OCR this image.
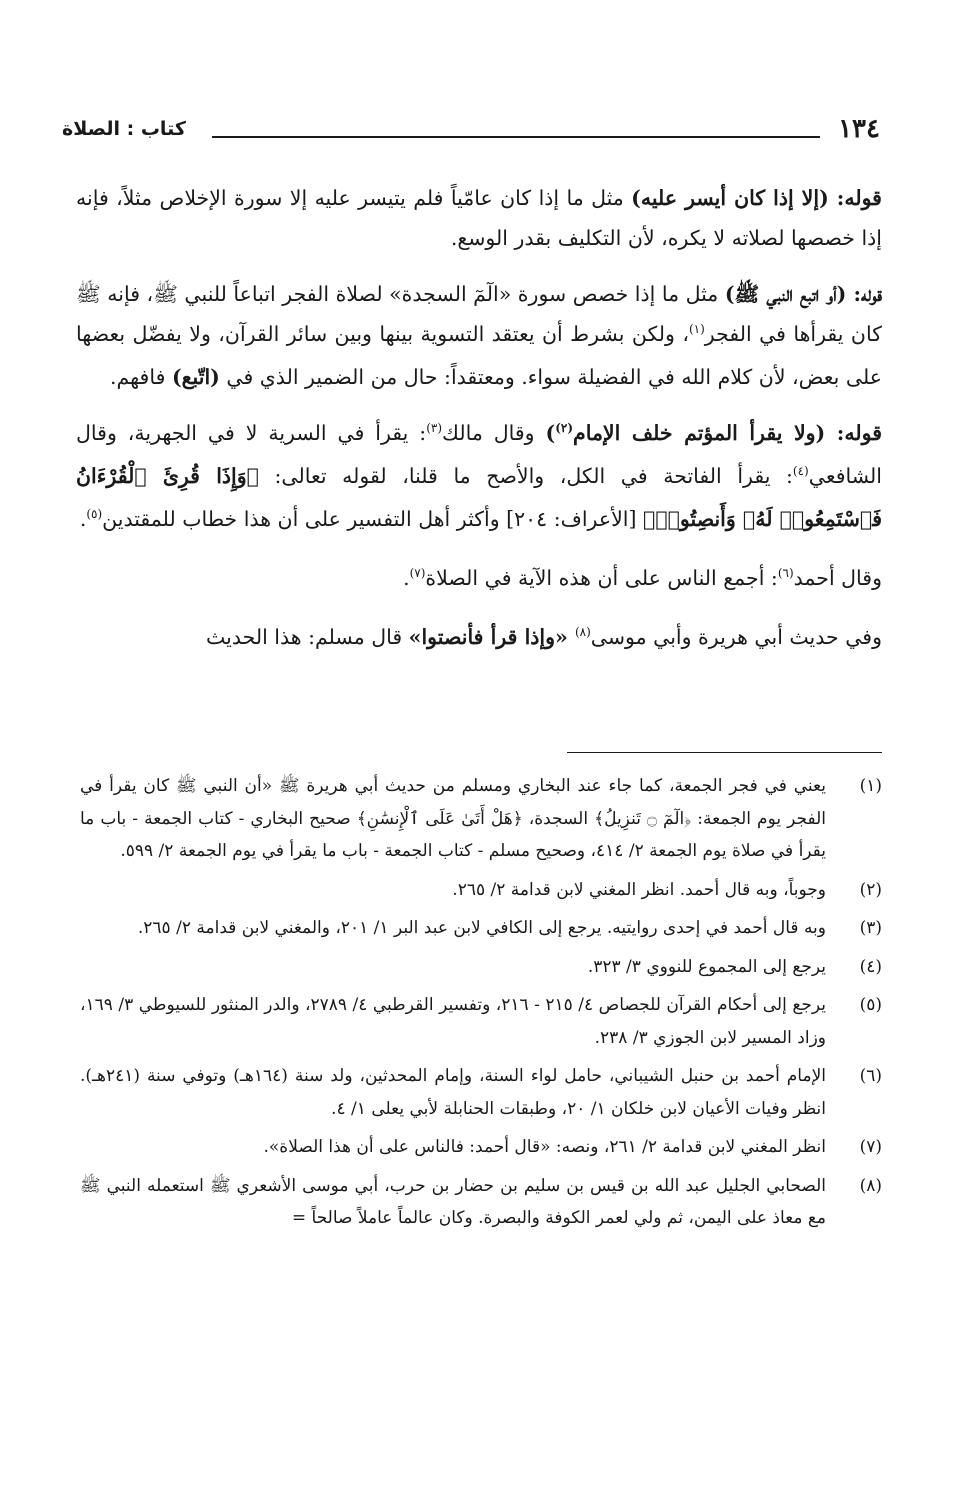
١٣٤
كتاب : الصلاة

قوله: (إلا إذا كان أيسر عليه) مثل ما إذا كان عامّياً فلم يتيسر عليه إلا سورة الإخلاص مثلاً، فإنه إذا خصصها لصلاته لا يكره، لأن التكليف بقدر الوسع.

قوله: (أو اتبع النبي ﷺ) مثل ما إذا خصص سورة «الٓمٓ السجدة» لصلاة الفجر اتباعاً للنبي ﷺ، فإنه ﷺ كان يقرأها في الفجر$^{(١)}$، ولكن بشرط أن يعتقد التسوية بينها وبين سائر القرآن، ولا يفضّل بعضها على بعض، لأن كلام الله في الفضيلة سواء. ومعتقداً: حال من الضمير الذي في (اتّبع) فافهم.

قوله: (ولا يقرأ المؤتم خلف الإمام$^{(٢)}$) وقال مالك$^{(٣)}$: يقرأ في السرية لا في الجهرية، وقال الشافعي$^{(٤)}$: يقرأ الفاتحة في الكل، والأصح ما قلنا، لقوله تعالى: ﴿وَإِذَا قُرِئَ ٱلْقُرْءَانُ فَٱسْتَمِعُوا۟ لَهُۥ وَأَنصِتُوا۟﴾ [الأعراف: ٢٠٤] وأكثر أهل التفسير على أن هذا خطاب للمقتدين$^{(٥)}$.

وقال أحمد$^{(٦)}$: أجمع الناس على أن هذه الآية في الصلاة$^{(٧)}$.

وفي حديث أبي هريرة وأبي موسى$^{(٨)}$ «وإذا قرأ فأنصتوا» قال مسلم: هذا الحديث

(١)
يعني في فجر الجمعة، كما جاء عند البخاري ومسلم من حديث أبي هريرة ﷺ «أن النبي ﷺ كان يقرأ في الفجر يوم الجمعة: ﴿الٓمٓ ۝ تَنزِيلُ﴾ السجدة، ﴿هَلْ أَتَىٰ عَلَى ٱلْإِنسَٰنِ﴾ صحيح البخاري - كتاب الجمعة - باب ما يقرأ في صلاة يوم الجمعة ٢/ ٤١٤، وصحيح مسلم - كتاب الجمعة - باب ما يقرأ في يوم الجمعة ٢/ ٥٩٩.
(٢)
وجوباً، وبه قال أحمد. انظر المغني لابن قدامة ٢/ ٢٦٥.
(٣)
وبه قال أحمد في إحدى روايتيه. يرجع إلى الكافي لابن عبد البر ١/ ٢٠١، والمغني لابن قدامة ٢/ ٢٦٥.
(٤)
يرجع إلى المجموع للنووي ٣/ ٣٢٣.
(٥)
يرجع إلى أحكام القرآن للجصاص ٤/ ٢١٥ - ٢١٦، وتفسير القرطبي ٤/ ٢٧٨٩، والدر المنثور للسيوطي ٣/ ١٦٩، وزاد المسير لابن الجوزي ٣/ ٢٣٨.
(٦)
الإمام أحمد بن حنبل الشيباني، حامل لواء السنة، وإمام المحدثين، ولد سنة (١٦٤هـ) وتوفي سنة (٢٤١هـ). انظر وفيات الأعيان لابن خلكان ١/ ٢٠، وطبقات الحنابلة لأبي يعلى ١/ ٤.
(٧)
انظر المغني لابن قدامة ٢/ ٢٦١، ونصه: «قال أحمد: فالناس على أن هذا الصلاة».
(٨)
الصحابي الجليل عبد الله بن قيس بن سليم بن حضار بن حرب، أبي موسى الأشعري ﷺ استعمله النبي ﷺ مع معاذ على اليمن، ثم ولي لعمر الكوفة والبصرة. وكان عالماً عاملاً صالحاً =
